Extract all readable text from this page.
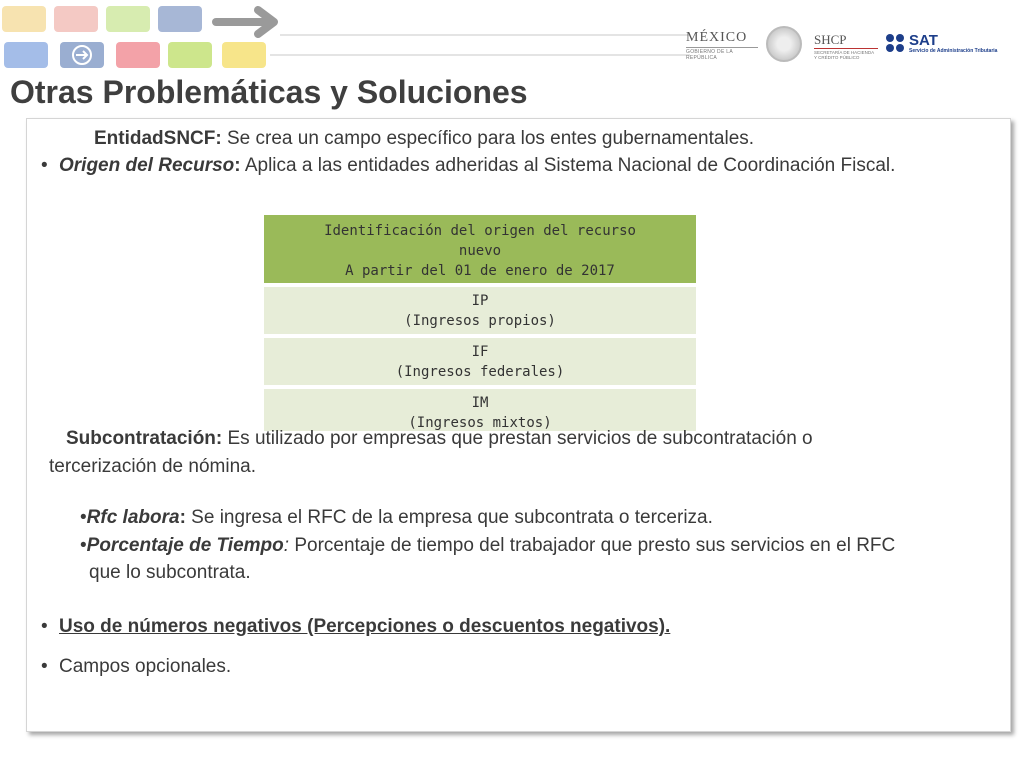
MÉXICO
GOBIERNO DE LA REPÚBLICA
SHCP
SECRETARÍA DE HACIENDA Y CRÉDITO PÚBLICO
SAT
Servicio de Administración Tributaria
Otras Problemáticas y Soluciones
EntidadSNCF: Se crea un campo específico para los entes gubernamentales.
• Origen del Recurso: Aplica a las entidades adheridas al Sistema Nacional de Coordinación Fiscal.
Identificación del origen del recurso
nuevo
A partir del 01 de enero de 2017
IP
(Ingresos propios)
IF
(Ingresos federales)
IM
(Ingresos mixtos)
Subcontratación: Es utilizado por empresas que prestan servicios de subcontratación o
tercerización de nómina.
•Rfc labora: Se ingresa el RFC de la empresa que subcontrata o terceriza.
•Porcentaje de Tiempo: Porcentaje de tiempo del trabajador que presto sus servicios en el RFC
que lo subcontrata.
• Uso de números negativos (Percepciones o descuentos negativos).
• Campos opcionales.
